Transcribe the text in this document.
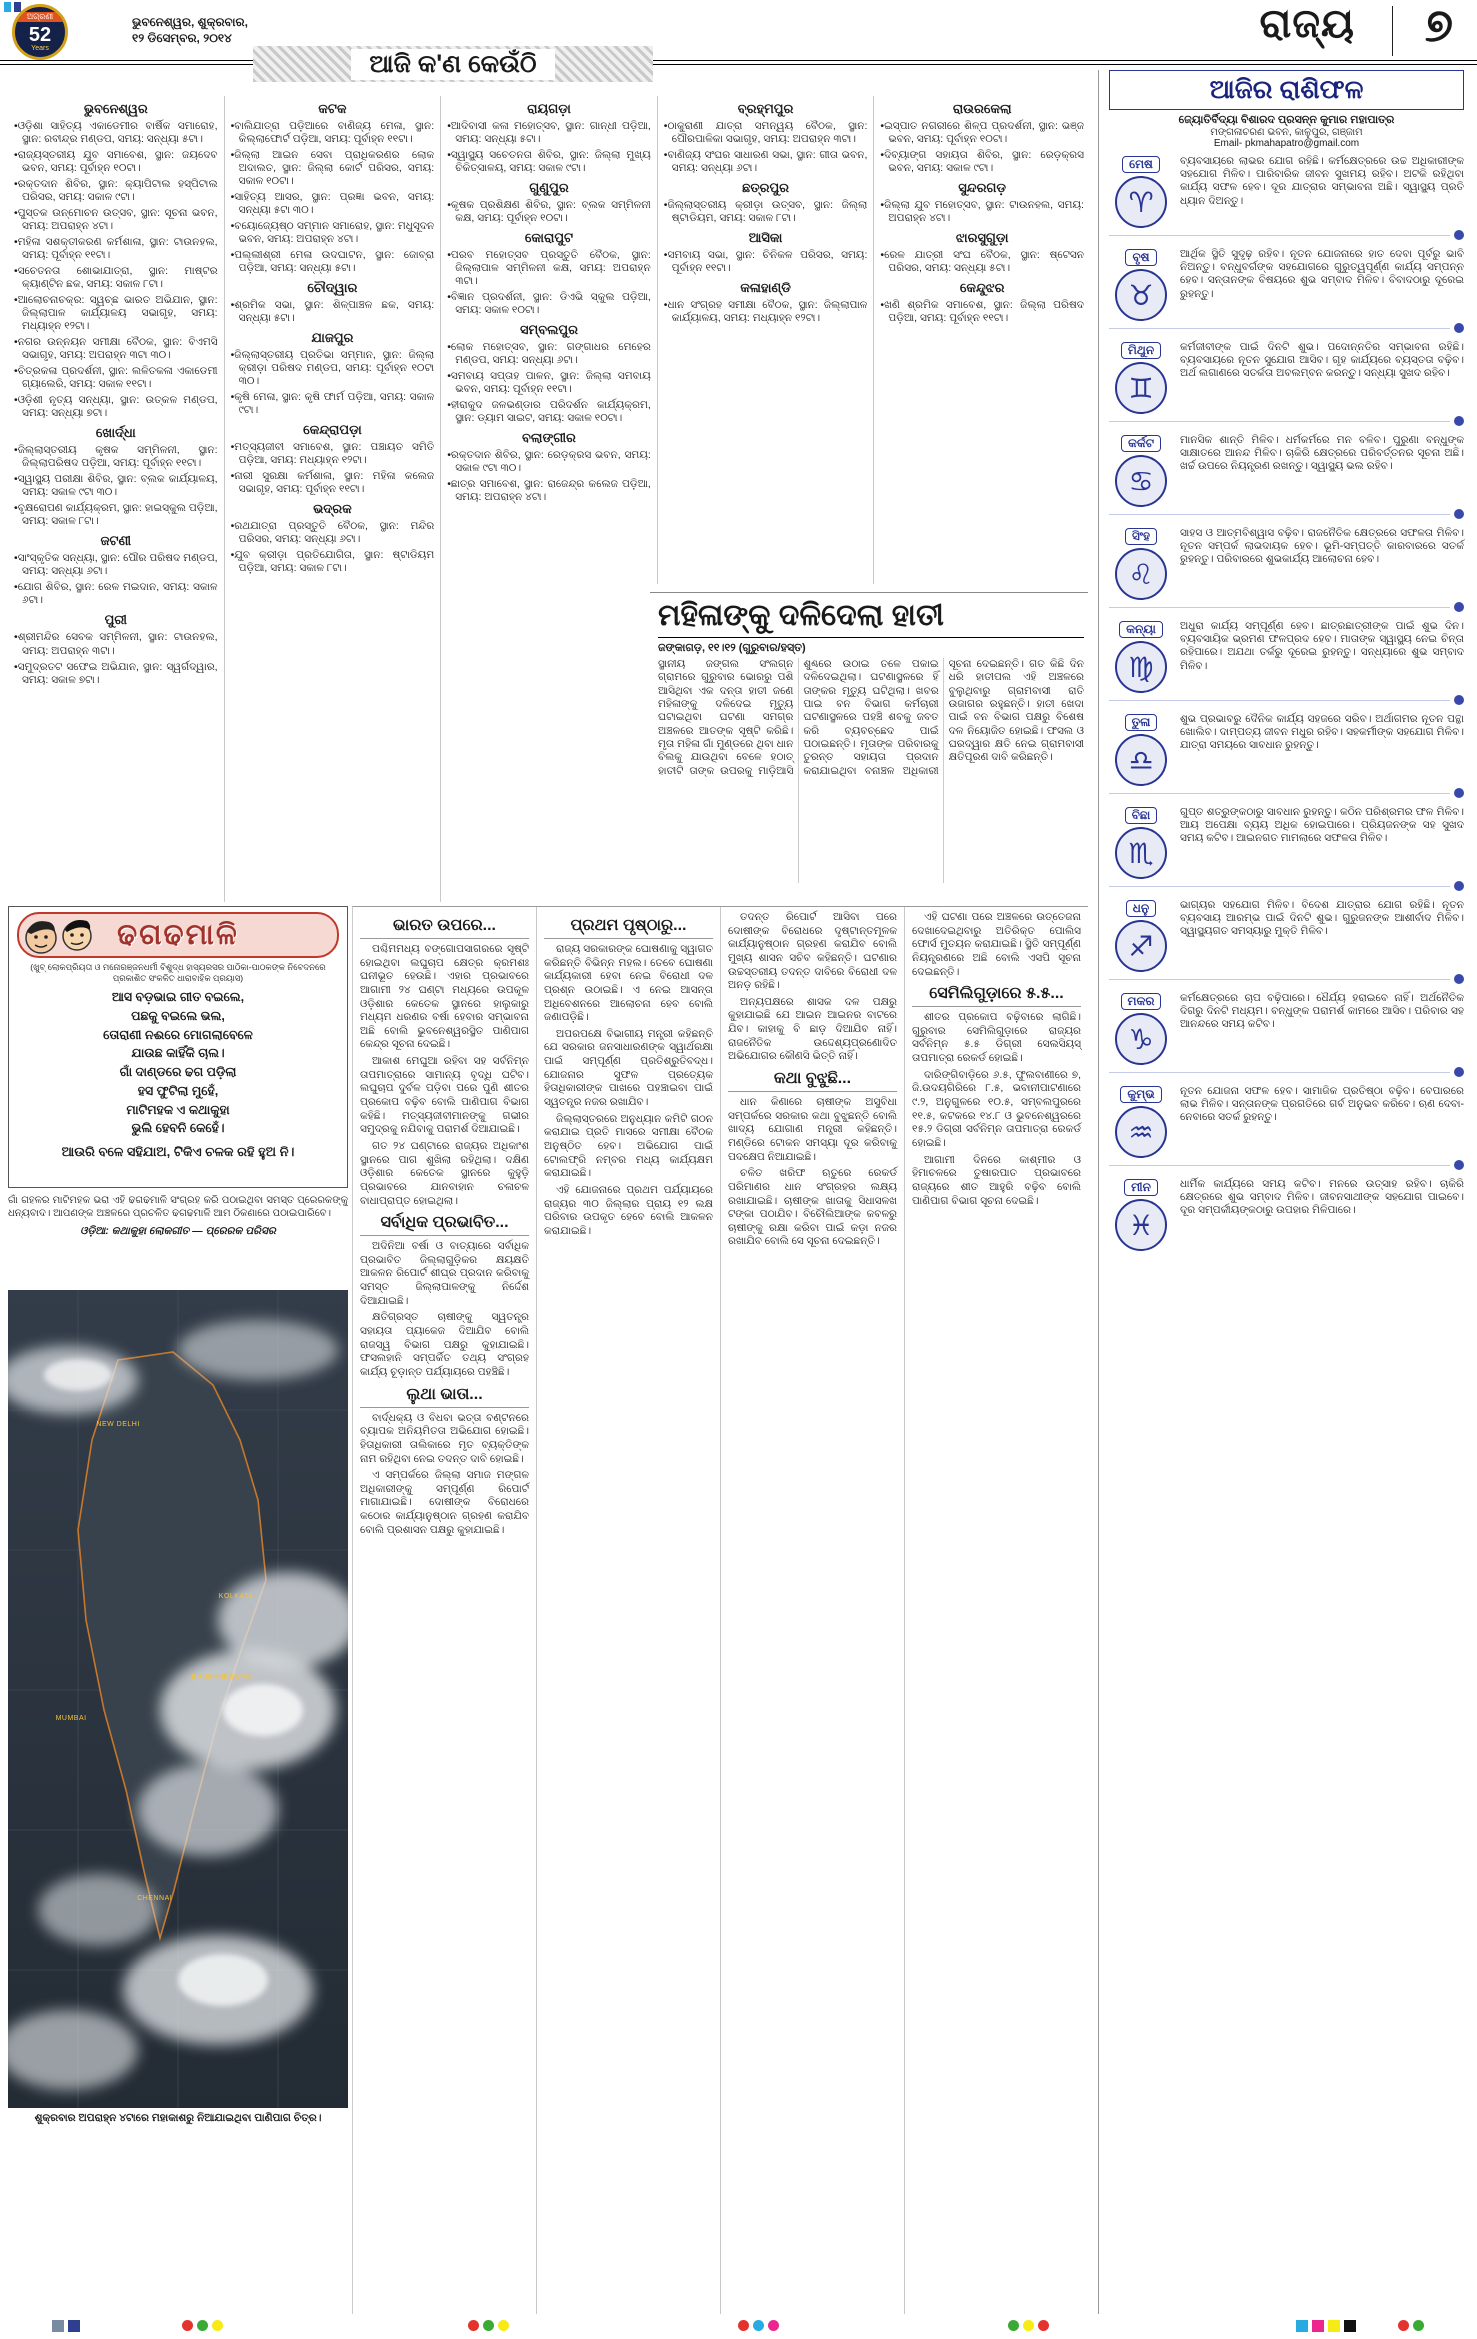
ଅଗ୍ରଣୀ
52
Years
ଭୁବନେଶ୍ୱର, ଶୁକ୍ରବାର,
୧୨ ଡିସେମ୍ବର, ୨୦୧୪	ରାଜ୍ୟ ୭
ଆଜି କ'ଣ କେଉଁଠି
ଭୁବନେଶ୍ୱର
• ଓଡ଼ିଶା ସାହିତ୍ୟ ଏକାଡେମୀର ବାର୍ଷିକ ସମାରୋହ, ସ୍ଥାନ: ରବୀନ୍ଦ୍ର ମଣ୍ଡପ, ସମୟ: ସନ୍ଧ୍ୟା ୫ଟା।
• ରାଜ୍ୟସ୍ତରୀୟ ଯୁବ ସମାବେଶ, ସ୍ଥାନ: ଜୟଦେବ ଭବନ, ସମୟ: ପୂର୍ବାହ୍ନ ୧୦ଟା।
• ରକ୍ତଦାନ ଶିବିର, ସ୍ଥାନ: କ୍ୟାପିଟାଲ ହସ୍ପିଟାଲ ପରିସର, ସମୟ: ସକାଳ ୯ଟା।
• ପୁସ୍ତକ ଉନ୍ମୋଚନ ଉତ୍ସବ, ସ୍ଥାନ: ସୂଚନା ଭବନ, ସମୟ: ଅପରାହ୍ନ ୪ଟା।
• ମହିଳା ସଶକ୍ତୀକରଣ କର୍ମଶାଳା, ସ୍ଥାନ: ଟାଉନହଲ, ସମୟ: ପୂର୍ବାହ୍ନ ୧୧ଟା।
• ସଚେତନତା ଶୋଭାଯାତ୍ରା, ସ୍ଥାନ: ମାଷ୍ଟର କ୍ୟାଣ୍ଟିନ ଛକ, ସମୟ: ସକାଳ ୮ଟା।
• ଆଲୋଚନାଚକ୍ର: ସ୍ୱଚ୍ଛ ଭାରତ ଅଭିଯାନ, ସ୍ଥାନ: ଜିଲ୍ଲାପାଳ କାର୍ଯ୍ୟାଳୟ ସଭାଗୃହ, ସମୟ: ମଧ୍ୟାହ୍ନ ୧୨ଟା।
• ନଗର ଉନ୍ନୟନ ସମୀକ୍ଷା ବୈଠକ, ସ୍ଥାନ: ବିଏମସି ସଭାଗୃହ, ସମୟ: ଅପରାହ୍ନ ୩ଟା ୩୦।
• ଚିତ୍ରକଳା ପ୍ରଦର୍ଶନୀ, ସ୍ଥାନ: ଲଳିତକଳା ଏକାଡେମୀ ଗ୍ୟାଲେରି, ସମୟ: ସକାଳ ୧୧ଟା।
• ଓଡ଼ିଶୀ ନୃତ୍ୟ ସନ୍ଧ୍ୟା, ସ୍ଥାନ: ଉତ୍କଳ ମଣ୍ଡପ, ସମୟ: ସନ୍ଧ୍ୟା ୭ଟା।
ଖୋର୍ଦ୍ଧା
• ଜିଲ୍ଲାସ୍ତରୀୟ କୃଷକ ସମ୍ମିଳନୀ, ସ୍ଥାନ: ଜିଲ୍ଲାପରିଷଦ ପଡ଼ିଆ, ସମୟ: ପୂର୍ବାହ୍ନ ୧୧ଟା।
• ସ୍ୱାସ୍ଥ୍ୟ ପରୀକ୍ଷା ଶିବିର, ସ୍ଥାନ: ବ୍ଲକ କାର୍ଯ୍ୟାଳୟ, ସମୟ: ସକାଳ ୯ଟା ୩୦।
• ବୃକ୍ଷରୋପଣ କାର୍ଯ୍ୟକ୍ରମ, ସ୍ଥାନ: ହାଇସ୍କୁଲ ପଡ଼ିଆ, ସମୟ: ସକାଳ ୮ଟା।
ଜଟଣୀ
• ସାଂସ୍କୃତିକ ସନ୍ଧ୍ୟା, ସ୍ଥାନ: ପୌର ପରିଷଦ ମଣ୍ଡପ, ସମୟ: ସନ୍ଧ୍ୟା ୬ଟା।
• ଯୋଗ ଶିବିର, ସ୍ଥାନ: ରେଳ ମଇଦାନ, ସମୟ: ସକାଳ ୬ଟା।
ପୁରୀ
• ଶ୍ରୀମନ୍ଦିର ସେବକ ସମ୍ମିଳନୀ, ସ୍ଥାନ: ଟାଉନହଲ, ସମୟ: ଅପରାହ୍ନ ୩ଟା।
• ସମୁଦ୍ରତଟ ସଫେଇ ଅଭିଯାନ, ସ୍ଥାନ: ସ୍ୱର୍ଗଦ୍ୱାର, ସମୟ: ସକାଳ ୭ଟା।
କଟକ
• ବାଲିଯାତ୍ରା ପଡ଼ିଆରେ ବାଣିଜ୍ୟ ମେଳା, ସ୍ଥାନ: କିଲ୍ଲାଫୋର୍ଟ ପଡ଼ିଆ, ସମୟ: ପୂର୍ବାହ୍ନ ୧୧ଟା।
• ଜିଲ୍ଲା ଆଇନ ସେବା ପ୍ରାଧିକରଣର ଲୋକ ଅଦାଲତ, ସ୍ଥାନ: ଜିଲ୍ଲା କୋର୍ଟ ପରିସର, ସମୟ: ସକାଳ ୧୦ଟା।
• ସାହିତ୍ୟ ଆସର, ସ୍ଥାନ: ପ୍ରଜ୍ଞା ଭବନ, ସମୟ: ସନ୍ଧ୍ୟା ୫ଟା ୩୦।
• ବୟୋଜ୍ୟେଷ୍ଠ ସମ୍ମାନ ସମାରୋହ, ସ୍ଥାନ: ମଧୁସୂଦନ ଭବନ, ସମୟ: ଅପରାହ୍ନ ୪ଟା।
• ପଲ୍ଲୀଶ୍ରୀ ମେଳା ଉଦଘାଟନ, ସ୍ଥାନ: ଜୋବ୍ରା ପଡ଼ିଆ, ସମୟ: ସନ୍ଧ୍ୟା ୫ଟା।
ଚୌଦ୍ୱାର
• ଶ୍ରମିକ ସଭା, ସ୍ଥାନ: ଶିଳ୍ପାଞ୍ଚଳ ଛକ, ସମୟ: ସନ୍ଧ୍ୟା ୫ଟା।
ଯାଜପୁର
• ଜିଲ୍ଲାସ୍ତରୀୟ ପ୍ରତିଭା ସମ୍ମାନ, ସ୍ଥାନ: ଜିଲ୍ଲା କ୍ରୀଡ଼ା ପରିଷଦ ମଣ୍ଡପ, ସମୟ: ପୂର୍ବାହ୍ନ ୧୦ଟା ୩୦।
• କୃଷି ମେଳା, ସ୍ଥାନ: କୃଷି ଫାର୍ମ ପଡ଼ିଆ, ସମୟ: ସକାଳ ୯ଟା।
କେନ୍ଦ୍ରାପଡ଼ା
• ମତ୍ସ୍ୟଜୀବୀ ସମାବେଶ, ସ୍ଥାନ: ପଞ୍ଚାୟତ ସମିତି ପଡ଼ିଆ, ସମୟ: ମଧ୍ୟାହ୍ନ ୧୨ଟା।
• ନାରୀ ସୁରକ୍ଷା କର୍ମଶାଳା, ସ୍ଥାନ: ମହିଳା କଲେଜ ସଭାଗୃହ, ସମୟ: ପୂର୍ବାହ୍ନ ୧୧ଟା।
ଭଦ୍ରକ
• ରଥଯାତ୍ରା ପ୍ରସ୍ତୁତି ବୈଠକ, ସ୍ଥାନ: ମନ୍ଦିର ପରିସର, ସମୟ: ସନ୍ଧ୍ୟା ୬ଟା।
• ଯୁବ କ୍ରୀଡ଼ା ପ୍ରତିଯୋଗିତା, ସ୍ଥାନ: ଷ୍ଟାଡିୟମ ପଡ଼ିଆ, ସମୟ: ସକାଳ ୮ଟା।
ରାୟଗଡ଼ା
• ଆଦିବାସୀ କଳା ମହୋତ୍ସବ, ସ୍ଥାନ: ଗାନ୍ଧୀ ପଡ଼ିଆ, ସମୟ: ସନ୍ଧ୍ୟା ୫ଟା।
• ସ୍ୱାସ୍ଥ୍ୟ ସଚେତନତା ଶିବିର, ସ୍ଥାନ: ଜିଲ୍ଲା ମୁଖ୍ୟ ଚିକିତ୍ସାଳୟ, ସମୟ: ସକାଳ ୯ଟା।
ଗୁଣୁପୁର
• କୃଷକ ପ୍ରଶିକ୍ଷଣ ଶିବିର, ସ୍ଥାନ: ବ୍ଲକ ସମ୍ମିଳନୀ କକ୍ଷ, ସମୟ: ପୂର୍ବାହ୍ନ ୧୦ଟା।
କୋରାପୁଟ
• ପରବ ମହୋତ୍ସବ ପ୍ରସ୍ତୁତି ବୈଠକ, ସ୍ଥାନ: ଜିଲ୍ଲାପାଳ ସମ୍ମିଳନୀ କକ୍ଷ, ସମୟ: ଅପରାହ୍ନ ୩ଟା।
• ବିଜ୍ଞାନ ପ୍ରଦର୍ଶନୀ, ସ୍ଥାନ: ଡିଏଭି ସ୍କୁଲ ପଡ଼ିଆ, ସମୟ: ସକାଳ ୧୦ଟା।
ସମ୍ବଲପୁର
• ଲୋକ ମହୋତ୍ସବ, ସ୍ଥାନ: ଗଙ୍ଗାଧର ମେହେର ମଣ୍ଡପ, ସମୟ: ସନ୍ଧ୍ୟା ୬ଟା।
• ସମବାୟ ସପ୍ତାହ ପାଳନ, ସ୍ଥାନ: ଜିଲ୍ଲା ସମବାୟ ଭବନ, ସମୟ: ପୂର୍ବାହ୍ନ ୧୧ଟା।
• ହୀରାକୁଦ ଜଳଭଣ୍ଡାର ପରିଦର୍ଶନ କାର୍ଯ୍ୟକ୍ରମ, ସ୍ଥାନ: ଡ୍ୟାମ ସାଇଟ, ସମୟ: ସକାଳ ୧୦ଟା।
ବଲାଙ୍ଗୀର
• ରକ୍ତଦାନ ଶିବିର, ସ୍ଥାନ: ରେଡ଼କ୍ରସ ଭବନ, ସମୟ: ସକାଳ ୯ଟା ୩୦।
• ଛାତ୍ର ସମାବେଶ, ସ୍ଥାନ: ରାଜେନ୍ଦ୍ର କଲେଜ ପଡ଼ିଆ, ସମୟ: ଅପରାହ୍ନ ୪ଟା।
ବ୍ରହ୍ମପୁର
• ଠାକୁରାଣୀ ଯାତ୍ରା ସମନ୍ୱୟ ବୈଠକ, ସ୍ଥାନ: ପୌରପାଳିକା ସଭାଗୃହ, ସମୟ: ଅପରାହ୍ନ ୩ଟା।
• ବାଣିଜ୍ୟ ସଂଘର ସାଧାରଣ ସଭା, ସ୍ଥାନ: ଗୀତା ଭବନ, ସମୟ: ସନ୍ଧ୍ୟା ୬ଟା।
ଛତ୍ରପୁର
• ଜିଲ୍ଲାସ୍ତରୀୟ କ୍ରୀଡ଼ା ଉତ୍ସବ, ସ୍ଥାନ: ଜିଲ୍ଲା ଷ୍ଟାଡିୟମ, ସମୟ: ସକାଳ ୮ଟା।
ଆସିକା
• ସମବାୟ ସଭା, ସ୍ଥାନ: ଚିନିକଳ ପରିସର, ସମୟ: ପୂର୍ବାହ୍ନ ୧୧ଟା।
କଳାହାଣ୍ଡି
• ଧାନ ସଂଗ୍ରହ ସମୀକ୍ଷା ବୈଠକ, ସ୍ଥାନ: ଜିଲ୍ଲାପାଳ କାର୍ଯ୍ୟାଳୟ, ସମୟ: ମଧ୍ୟାହ୍ନ ୧୨ଟା।
ରାଉରକେଲା
• ଇସ୍ପାତ ନଗରୀରେ ଶିଳ୍ପ ପ୍ରଦର୍ଶନୀ, ସ୍ଥାନ: ଭଞ୍ଜ ଭବନ, ସମୟ: ପୂର୍ବାହ୍ନ ୧୦ଟା।
• ଦିବ୍ୟାଙ୍ଗ ସହାୟତା ଶିବିର, ସ୍ଥାନ: ରେଡ଼କ୍ରସ ଭବନ, ସମୟ: ସକାଳ ୯ଟା।
ସୁନ୍ଦରଗଡ଼
• ଜିଲ୍ଲା ଯୁବ ମହୋତ୍ସବ, ସ୍ଥାନ: ଟାଉନହଲ, ସମୟ: ଅପରାହ୍ନ ୪ଟା।
ଝାରସୁଗୁଡ଼ା
• ରେଳ ଯାତ୍ରୀ ସଂଘ ବୈଠକ, ସ୍ଥାନ: ଷ୍ଟେସନ ପରିସର, ସମୟ: ସନ୍ଧ୍ୟା ୫ଟା।
କେନ୍ଦୁଝର
• ଖଣି ଶ୍ରମିକ ସମାବେଶ, ସ୍ଥାନ: ଜିଲ୍ଲା ପରିଷଦ ପଡ଼ିଆ, ସମୟ: ପୂର୍ବାହ୍ନ ୧୧ଟା।
ମହିଳାଙ୍କୁ ଦଳିଦେଲା ହାତୀ
ଜଙ୍କାଗଡ଼, ୧୧।୧୨ (ଗୁରୁବାର/ହସ୍ତ)
ସ୍ଥାନୀୟ ଜଙ୍ଗଲ ସଂଲଗ୍ନ ଗ୍ରାମରେ ଗୁରୁବାର ଭୋରରୁ ପଶି ଆସିଥିବା ଏକ ଦନ୍ତା ହାତୀ ଜଣେ ମହିଳାଙ୍କୁ ଦଳିଦେଇ ମୃତ୍ୟୁ ଘଟାଇଥିବା ଘଟଣା ସମଗ୍ର ଅଞ୍ଚଳରେ ଆତଙ୍କ ସୃଷ୍ଟି କରିଛି। ମୃତା ମହିଳା ଗାଁ ମୁଣ୍ଡରେ ଥିବା ଧାନ ବିଲକୁ ଯାଉଥିବା ବେଳେ ହଠାତ୍ ହାତୀଟି ତାଙ୍କ ଉପରକୁ ମାଡ଼ିଆସି ଶୁଣ୍ଢରେ ଉଠାଇ ତଳେ ପକାଇ ଦଳିଦେଇଥିଲା। ଘଟଣାସ୍ଥଳରେ ହିଁ ତାଙ୍କର ମୃତ୍ୟୁ ଘଟିଥିଲା। ଖବର ପାଇ ବନ ବିଭାଗ କର୍ମଚାରୀ ଘଟଣାସ୍ଥଳରେ ପହଞ୍ଚି ଶବକୁ ଜବତ କରି ବ୍ୟବଚ୍ଛେଦ ପାଇଁ ପଠାଇଛନ୍ତି। ମୃତାଙ୍କ ପରିବାରକୁ ତୁରନ୍ତ ସହାୟତା ପ୍ରଦାନ କରାଯାଇଥିବା ବନାଞ୍ଚଳ ଅଧିକାରୀ ସୂଚନା ଦେଇଛନ୍ତି। ଗତ କିଛି ଦିନ ଧରି ହାତୀପଲ ଏହି ଅଞ୍ଚଳରେ ବୁଲୁଥିବାରୁ ଗ୍ରାମବାସୀ ରାତି ଉଜାଗର ରହୁଛନ୍ତି। ହାତୀ ଖେଦା ପାଇଁ ବନ ବିଭାଗ ପକ୍ଷରୁ ବିଶେଷ ଦଳ ନିୟୋଜିତ ହୋଇଛି। ଫସଲ ଓ ଘରଦ୍ୱାର କ୍ଷତି ନେଇ ଗ୍ରାମବାସୀ କ୍ଷତିପୂରଣ ଦାବି କରିଛନ୍ତି।
ଆଜିର ରାଶିଫଳ
ଜ୍ୟୋତିର୍ବିଦ୍ୟା ବିଶାରଦ ପ୍ରସନ୍ନ କୁମାର ମହାପାତ୍ର
ମଙ୍ଗଳାଚରଣ ଭବନ, କାଳୁପୁର, ଗଞ୍ଜାମ
Email- pkmahapatro@gmail.com
ମେଷ
♈
ବ୍ୟବସାୟରେ ଲାଭର ଯୋଗ ରହିଛି। କର୍ମକ୍ଷେତ୍ରରେ ଉଚ୍ଚ ଅଧିକାରୀଙ୍କ ସହଯୋଗ ମିଳିବ। ପାରିବାରିକ ଜୀବନ ସୁଖମୟ ରହିବ। ଅଟକି ରହିଥିବା କାର୍ଯ୍ୟ ସଫଳ ହେବ। ଦୂର ଯାତ୍ରାର ସମ୍ଭାବନା ଅଛି। ସ୍ୱାସ୍ଥ୍ୟ ପ୍ରତି ଧ୍ୟାନ ଦିଅନ୍ତୁ।
ବୃଷ
♉
ଆର୍ଥିକ ସ୍ଥିତି ସୁଦୃଢ଼ ରହିବ। ନୂତନ ଯୋଜନାରେ ହାତ ଦେବା ପୂର୍ବରୁ ଭାବି ନିଅନ୍ତୁ। ବନ୍ଧୁବର୍ଗଙ୍କ ସହଯୋଗରେ ଗୁରୁତ୍ୱପୂର୍ଣ୍ଣ କାର୍ଯ୍ୟ ସମ୍ପନ୍ନ ହେବ। ସନ୍ତାନଙ୍କ ବିଷୟରେ ଶୁଭ ସମ୍ବାଦ ମିଳିବ। ବିବାଦଠାରୁ ଦୂରେଇ ରୁହନ୍ତୁ।
ମିଥୁନ
♊
କର୍ମଜୀବୀଙ୍କ ପାଇଁ ଦିନଟି ଶୁଭ। ପଦୋନ୍ନତିର ସମ୍ଭାବନା ରହିଛି। ବ୍ୟବସାୟରେ ନୂତନ ସୁଯୋଗ ଆସିବ। ଗୃହ କାର୍ଯ୍ୟରେ ବ୍ୟସ୍ତତା ବଢ଼ିବ। ଅର୍ଥ ଲଗାଣରେ ସତର୍କତା ଅବଲମ୍ବନ କରନ୍ତୁ। ସନ୍ଧ୍ୟା ସୁଖଦ ରହିବ।
କର୍କଟ
♋
ମାନସିକ ଶାନ୍ତି ମିଳିବ। ଧର୍ମକର୍ମରେ ମନ ବଳିବ। ପୁରୁଣା ବନ୍ଧୁଙ୍କ ସାକ୍ଷାତରେ ଆନନ୍ଦ ମିଳିବ। ଚାକିରି କ୍ଷେତ୍ରରେ ପରିବର୍ତ୍ତନର ସୂଚନା ଅଛି। ଖର୍ଚ୍ଚ ଉପରେ ନିୟନ୍ତ୍ରଣ ରଖନ୍ତୁ। ସ୍ୱାସ୍ଥ୍ୟ ଭଲ ରହିବ।
ସିଂହ
♌
ସାହସ ଓ ଆତ୍ମବିଶ୍ୱାସ ବଢ଼ିବ। ରାଜନୈତିକ କ୍ଷେତ୍ରରେ ସଫଳତା ମିଳିବ। ନୂତନ ସମ୍ପର୍କ ଲାଭଦାୟକ ହେବ। ଭୂମି-ସମ୍ପତ୍ତି କାରବାରରେ ସତର୍କ ରୁହନ୍ତୁ। ପରିବାରରେ ଶୁଭକାର୍ଯ୍ୟ ଆଲୋଚନା ହେବ।
କନ୍ୟା
♍
ଅଧୁରା କାର୍ଯ୍ୟ ସମ୍ପୂର୍ଣ୍ଣ ହେବ। ଛାତ୍ରଛାତ୍ରୀଙ୍କ ପାଇଁ ଶୁଭ ଦିନ। ବ୍ୟବସାୟିକ ଭ୍ରମଣ ଫଳପ୍ରଦ ହେବ। ମାତାଙ୍କ ସ୍ୱାସ୍ଥ୍ୟ ନେଇ ଚିନ୍ତା ରହିପାରେ। ଅଯଥା ତର୍କରୁ ଦୂରେଇ ରୁହନ୍ତୁ। ସନ୍ଧ୍ୟାରେ ଶୁଭ ସମ୍ବାଦ ମିଳିବ।
ତୁଳା
♎
ଶୁଭ ପ୍ରଭାବରୁ ଦୈନିକ କାର୍ଯ୍ୟ ସହଜରେ ସରିବ। ଅର୍ଥାଗମର ନୂତନ ପନ୍ଥା ଖୋଲିବ। ଦାମ୍ପତ୍ୟ ଜୀବନ ମଧୁର ରହିବ। ସହକର୍ମୀଙ୍କ ସହଯୋଗ ମିଳିବ। ଯାତ୍ରା ସମୟରେ ସାବଧାନ ରୁହନ୍ତୁ।
ବିଛା
♏
ଗୁପ୍ତ ଶତ୍ରୁଙ୍କଠାରୁ ସାବଧାନ ରୁହନ୍ତୁ। କଠିନ ପରିଶ୍ରମର ଫଳ ମିଳିବ। ଆୟ ଅପେକ୍ଷା ବ୍ୟୟ ଅଧିକ ହୋଇପାରେ। ପ୍ରିୟଜନଙ୍କ ସହ ସୁଖଦ ସମୟ କଟିବ। ଆଇନଗତ ମାମଲାରେ ସଫଳତା ମିଳିବ।
ଧନୁ
♐
ଭାଗ୍ୟର ସହଯୋଗ ମିଳିବ। ବିଦେଶ ଯାତ୍ରାର ଯୋଗ ରହିଛି। ନୂତନ ବ୍ୟବସାୟ ଆରମ୍ଭ ପାଇଁ ଦିନଟି ଶୁଭ। ଗୁରୁଜନଙ୍କ ଆଶୀର୍ବାଦ ମିଳିବ। ସ୍ୱାସ୍ଥ୍ୟଗତ ସମସ୍ୟାରୁ ମୁକ୍ତି ମିଳିବ।
ମକର
♑
କର୍ମକ୍ଷେତ୍ରରେ ଚାପ ବଢ଼ିପାରେ। ଧୈର୍ଯ୍ୟ ହରାଇବେ ନାହିଁ। ଅର୍ଥନୈତିକ ଦିଗରୁ ଦିନଟି ମଧ୍ୟମ। ବନ୍ଧୁଙ୍କ ପରାମର୍ଶ କାମରେ ଆସିବ। ପରିବାର ସହ ଆନନ୍ଦରେ ସମୟ କଟିବ।
କୁମ୍ଭ
♒
ନୂତନ ଯୋଜନା ସଫଳ ହେବ। ସାମାଜିକ ପ୍ରତିଷ୍ଠା ବଢ଼ିବ। ବେପାରରେ ଲାଭ ମିଳିବ। ସନ୍ତାନଙ୍କ ପ୍ରଗତିରେ ଗର୍ବ ଅନୁଭବ କରିବେ। ଋଣ ଦେବା-ନେବାରେ ସତର୍କ ରୁହନ୍ତୁ।
ମୀନ
♓
ଧାର୍ମିକ କାର୍ଯ୍ୟରେ ସମୟ କଟିବ। ମନରେ ଉତ୍ସାହ ରହିବ। ଚାକିରି କ୍ଷେତ୍ରରେ ଶୁଭ ସମ୍ବାଦ ମିଳିବ। ଜୀବନସାଥୀଙ୍କ ସହଯୋଗ ପାଇବେ। ଦୂର ସମ୍ପର୍କୀୟଙ୍କଠାରୁ ଉପହାର ମିଳିପାରେ।
ଢଗଢମାଳି
(ଖୁବ୍ ଲୋକପ୍ରିୟତା ଓ ମନୋରଞ୍ଜନଧର୍ମୀ ବିଶୁଦ୍ଧ ହାସ୍ୟରସର ପାଠିକା-ପାଠକଙ୍କ ନିବେଦନରେ ପ୍ରକାଶିତ ସଂକଳିତ ଧାରାବାହିକ ପ୍ରୟାସ)
ଆସ ବଡ଼ଭାଇ ଗୀତ ବଇଲେ,
ପଛକୁ ବଇଲେ ଭଲ,
ତୋରାଣୀ ନଈରେ ମୋଗଲାବେଳେ
ଯାଉଛ କାହିଁକି ଚାଲ।
ଗାଁ ଦାଣ୍ଡରେ ଢଗ ପଡ଼ିଲା
ହସ ଫୁଟିଲା ମୁହେଁ,
ମାଟିମହକ ଏ କଥାକୁହା
ଭୁଲି ହେବନି କେହେଁ।
ଆଉରି ବଳେ ସହିଯାଅ, ଟିକିଏ ଚଳକ ରହି ହୁଅ ନି।
ଗାଁ ଗହଳର ମାଟିମହକ ଭରା ଏହି ଢଗଢମାଳି ସଂଗ୍ରହ କରି ପଠାଇଥିବା ସମସ୍ତ ପ୍ରେରକଙ୍କୁ ଧନ୍ୟବାଦ। ଆପଣଙ୍କ ଅଞ୍ଚଳରେ ପ୍ରଚଳିତ ଢଗଢମାଳି ଆମ ଠିକଣାରେ ପଠାଇପାରିବେ।
ଓଡ଼ିଆ: କଥାକୁହା ଲୋକଗୀତ — ପ୍ରେରକ ପରିସର
NEW DELHI
KOLKATA
BHUBANESWAR
MUMBAI
CHENNAI
ଶୁକ୍ରବାର ଅପରାହ୍ନ ୪ଟାରେ ମହାକାଶରୁ ନିଆଯାଇଥିବା ପାଣିପାଗ ଚିତ୍ର।
ଭାରତ ଉପରେ...

ପଶ୍ଚିମମଧ୍ୟ ବଙ୍ଗୋପସାଗରରେ ସୃଷ୍ଟି ହୋଇଥିବା ଲଘୁଚାପ କ୍ଷେତ୍ର କ୍ରମଶଃ ଘନୀଭୂତ ହେଉଛି। ଏହାର ପ୍ରଭାବରେ ଆଗାମୀ ୨୪ ଘଣ୍ଟା ମଧ୍ୟରେ ଉପକୂଳ ଓଡ଼ିଶାର କେତେକ ସ୍ଥାନରେ ହାଲୁକାରୁ ମଧ୍ୟମ ଧରଣର ବର୍ଷା ହେବାର ସମ୍ଭାବନା ଅଛି ବୋଲି ଭୁବନେଶ୍ୱରସ୍ଥିତ ପାଣିପାଗ କେନ୍ଦ୍ର ସୂଚନା ଦେଇଛି।

ଆକାଶ ମେଘୁଆ ରହିବା ସହ ସର୍ବନିମ୍ନ ତାପମାତ୍ରାରେ ସାମାନ୍ୟ ବୃଦ୍ଧି ଘଟିବ। ଲଘୁଚାପ ଦୁର୍ବଳ ପଡ଼ିବା ପରେ ପୁଣି ଶୀତର ପ୍ରକୋପ ବଢ଼ିବ ବୋଲି ପାଣିପାଗ ବିଭାଗ କହିଛି। ମତ୍ସ୍ୟଜୀବୀମାନଙ୍କୁ ଗଭୀର ସମୁଦ୍ରକୁ ନଯିବାକୁ ପରାମର୍ଶ ଦିଆଯାଇଛି।

ଗତ ୨୪ ଘଣ୍ଟାରେ ରାଜ୍ୟର ଅଧିକାଂଶ ସ୍ଥାନରେ ପାଗ ଶୁଖିଲା ରହିଥିଲା। ଦକ୍ଷିଣ ଓଡ଼ିଶାର କେତେକ ସ୍ଥାନରେ କୁହୁଡ଼ି ପ୍ରଭାବରେ ଯାନବାହାନ ଚଳାଚଳ ବାଧାପ୍ରାପ୍ତ ହୋଇଥିଲା।

ସର୍ବାଧିକ ପ୍ରଭାବିତ...

ଅଦିନିଆ ବର୍ଷା ଓ ବାତ୍ୟାରେ ସର୍ବାଧିକ ପ୍ରଭାବିତ ଜିଲ୍ଲାଗୁଡ଼ିକର କ୍ଷୟକ୍ଷତି ଆକଳନ ରିପୋର୍ଟ ଶୀଘ୍ର ପ୍ରଦାନ କରିବାକୁ ସମସ୍ତ ଜିଲ୍ଲାପାଳଙ୍କୁ ନିର୍ଦ୍ଦେଶ ଦିଆଯାଇଛି।

କ୍ଷତିଗ୍ରସ୍ତ ଚାଷୀଙ୍କୁ ସ୍ୱତନ୍ତ୍ର ସହାୟତା ପ୍ୟାକେଜ ଦିଆଯିବ ବୋଲି ରାଜସ୍ୱ ବିଭାଗ ପକ୍ଷରୁ କୁହାଯାଇଛି। ଫସଲହାନି ସମ୍ପର୍କିତ ତଥ୍ୟ ସଂଗ୍ରହ କାର୍ଯ୍ୟ ଚୂଡ଼ାନ୍ତ ପର୍ଯ୍ୟାୟରେ ପହଞ୍ଚିଛି।

ଲୁଥା ଭାତା...

ବାର୍ଦ୍ଧକ୍ୟ ଓ ବିଧବା ଭତ୍ତା ବଣ୍ଟନରେ ବ୍ୟାପକ ଅନିୟମିତତା ଅଭିଯୋଗ ହୋଇଛି। ହିତାଧିକାରୀ ତାଲିକାରେ ମୃତ ବ୍ୟକ୍ତିଙ୍କ ନାମ ରହିଥିବା ନେଇ ତଦନ୍ତ ଦାବି ହୋଇଛି।

ଏ ସମ୍ପର୍କରେ ଜିଲ୍ଲା ସମାଜ ମଙ୍ଗଳ ଅଧିକାରୀଙ୍କୁ ସମ୍ପୂର୍ଣ୍ଣ ରିପୋର୍ଟ ମାଗାଯାଇଛି। ଦୋଷୀଙ୍କ ବିରୋଧରେ କଠୋର କାର୍ଯ୍ୟାନୁଷ୍ଠାନ ଗ୍ରହଣ କରାଯିବ ବୋଲି ପ୍ରଶାସନ ପକ୍ଷରୁ କୁହାଯାଇଛି।

ପ୍ରଥମ ପୃଷ୍ଠାରୁ...

ରାଜ୍ୟ ସରକାରଙ୍କ ଘୋଷଣାକୁ ସ୍ୱାଗତ କରିଛନ୍ତି ବିଭିନ୍ନ ମହଲ। ତେବେ ଘୋଷଣା କାର୍ଯ୍ୟକାରୀ ହେବା ନେଇ ବିରୋଧୀ ଦଳ ପ୍ରଶ୍ନ ଉଠାଇଛି। ଏ ନେଇ ଆସନ୍ତା ଅଧିବେଶନରେ ଆଲୋଚନା ହେବ ବୋଲି ଜଣାପଡ଼ିଛି।

ଅପରପକ୍ଷେ ବିଭାଗୀୟ ମନ୍ତ୍ରୀ କହିଛନ୍ତି ଯେ ସରକାର ଜନସାଧାରଣଙ୍କ ସ୍ୱାର୍ଥରକ୍ଷା ପାଇଁ ସମ୍ପୂର୍ଣ୍ଣ ପ୍ରତିଶ୍ରୁତିବଦ୍ଧ। ଯୋଜନାର ସୁଫଳ ପ୍ରତ୍ୟେକ ହିତାଧିକାରୀଙ୍କ ପାଖରେ ପହଞ୍ଚାଇବା ପାଇଁ ସ୍ୱତନ୍ତ୍ର ନଜର ରଖାଯିବ।

ଜିଲ୍ଲାସ୍ତରରେ ଅନୁଧ୍ୟାନ କମିଟି ଗଠନ କରାଯାଇ ପ୍ରତି ମାସରେ ସମୀକ୍ଷା ବୈଠକ ଅନୁଷ୍ଠିତ ହେବ। ଅଭିଯୋଗ ପାଇଁ ଟୋଲଫ୍ରି ନମ୍ବର ମଧ୍ୟ କାର୍ଯ୍ୟକ୍ଷମ କରାଯାଇଛି।

ଏହି ଯୋଜନାରେ ପ୍ରଥମ ପର୍ଯ୍ୟାୟରେ ରାଜ୍ୟର ୩୦ ଜିଲ୍ଲାର ପ୍ରାୟ ୧୨ ଲକ୍ଷ ପରିବାର ଉପକୃତ ହେବେ ବୋଲି ଆକଳନ କରାଯାଇଛି।

ତଦନ୍ତ ରିପୋର୍ଟ ଆସିବା ପରେ ଦୋଷୀଙ୍କ ବିରୋଧରେ ଦୃଷ୍ଟାନ୍ତମୂଳକ କାର୍ଯ୍ୟାନୁଷ୍ଠାନ ଗ୍ରହଣ କରାଯିବ ବୋଲି ମୁଖ୍ୟ ଶାସନ ସଚିବ କହିଛନ୍ତି। ଘଟଣାର ଉଚ୍ଚସ୍ତରୀୟ ତଦନ୍ତ ଦାବିରେ ବିରୋଧୀ ଦଳ ଅନଡ଼ ରହିଛି।

ଅନ୍ୟପକ୍ଷରେ ଶାସକ ଦଳ ପକ୍ଷରୁ କୁହାଯାଇଛି ଯେ ଆଇନ ଆଇନର ବାଟରେ ଯିବ। କାହାକୁ ବି ଛାଡ଼ ଦିଆଯିବ ନାହିଁ। ରାଜନୈତିକ ଉଦ୍ଦେଶ୍ୟପ୍ରଣୋଦିତ ଅଭିଯୋଗର କୌଣସି ଭିତ୍ତି ନାହିଁ।

କଥା ବୁଝୁଛି...

ଧାନ କିଣାରେ ଚାଷୀଙ୍କ ଅସୁବିଧା ସମ୍ପର୍କରେ ସରକାର କଥା ବୁଝୁଛନ୍ତି ବୋଲି ଖାଦ୍ୟ ଯୋଗାଣ ମନ୍ତ୍ରୀ କହିଛନ୍ତି। ମଣ୍ଡିରେ ଟୋକନ ସମସ୍ୟା ଦୂର କରିବାକୁ ପଦକ୍ଷେପ ନିଆଯାଇଛି।

ଚଳିତ ଖରିଫ ଋତୁରେ ରେକର୍ଡ ପରିମାଣର ଧାନ ସଂଗ୍ରହର ଲକ୍ଷ୍ୟ ରଖାଯାଇଛି। ଚାଷୀଙ୍କ ଖାତାକୁ ସିଧାସଳଖ ଟଙ୍କା ପଠାଯିବ। ବିଚୌଲିଆଙ୍କ କବଳରୁ ଚାଷୀଙ୍କୁ ରକ୍ଷା କରିବା ପାଇଁ କଡ଼ା ନଜର ରଖାଯିବ ବୋଲି ସେ ସୂଚନା ଦେଇଛନ୍ତି।

ଏହି ଘଟଣା ପରେ ଅଞ୍ଚଳରେ ଉତ୍ତେଜନା ଦେଖାଦେଇଥିବାରୁ ଅତିରିକ୍ତ ପୋଲିସ ଫୋର୍ସ ମୁତୟନ କରାଯାଇଛି। ସ୍ଥିତି ସମ୍ପୂର୍ଣ୍ଣ ନିୟନ୍ତ୍ରଣରେ ଅଛି ବୋଲି ଏସପି ସୂଚନା ଦେଇଛନ୍ତି।

ସେମିଲିଗୁଡ଼ାରେ ୫.୫...

ଶୀତର ପ୍ରକୋପ ବଢ଼ିବାରେ ଲାଗିଛି। ଗୁରୁବାର ସେମିଲିଗୁଡ଼ାରେ ରାଜ୍ୟର ସର୍ବନିମ୍ନ ୫.୫ ଡିଗ୍ରୀ ସେଲସିୟସ୍ ତାପମାତ୍ରା ରେକର୍ଡ ହୋଇଛି।

ଦାରିଙ୍ଗିବାଡ଼ିରେ ୬.୫, ଫୁଲବାଣୀରେ ୭, ଜି.ଉଦୟଗିରିରେ ୮.୫, ଭବାନୀପାଟଣାରେ ୯.୨, ଅନୁଗୁଳରେ ୧୦.୫, ସମ୍ବଲପୁରରେ ୧୧.୫, କଟକରେ ୧୪.୮ ଓ ଭୁବନେଶ୍ୱରରେ ୧୫.୨ ଡିଗ୍ରୀ ସର୍ବନିମ୍ନ ତାପମାତ୍ରା ରେକର୍ଡ ହୋଇଛି।

ଆଗାମୀ ଦିନରେ କାଶ୍ମୀର ଓ ହିମାଚଳରେ ତୁଷାରପାତ ପ୍ରଭାବରେ ରାଜ୍ୟରେ ଶୀତ ଆହୁରି ବଢ଼ିବ ବୋଲି ପାଣିପାଗ ବିଭାଗ ସୂଚନା ଦେଇଛି।
